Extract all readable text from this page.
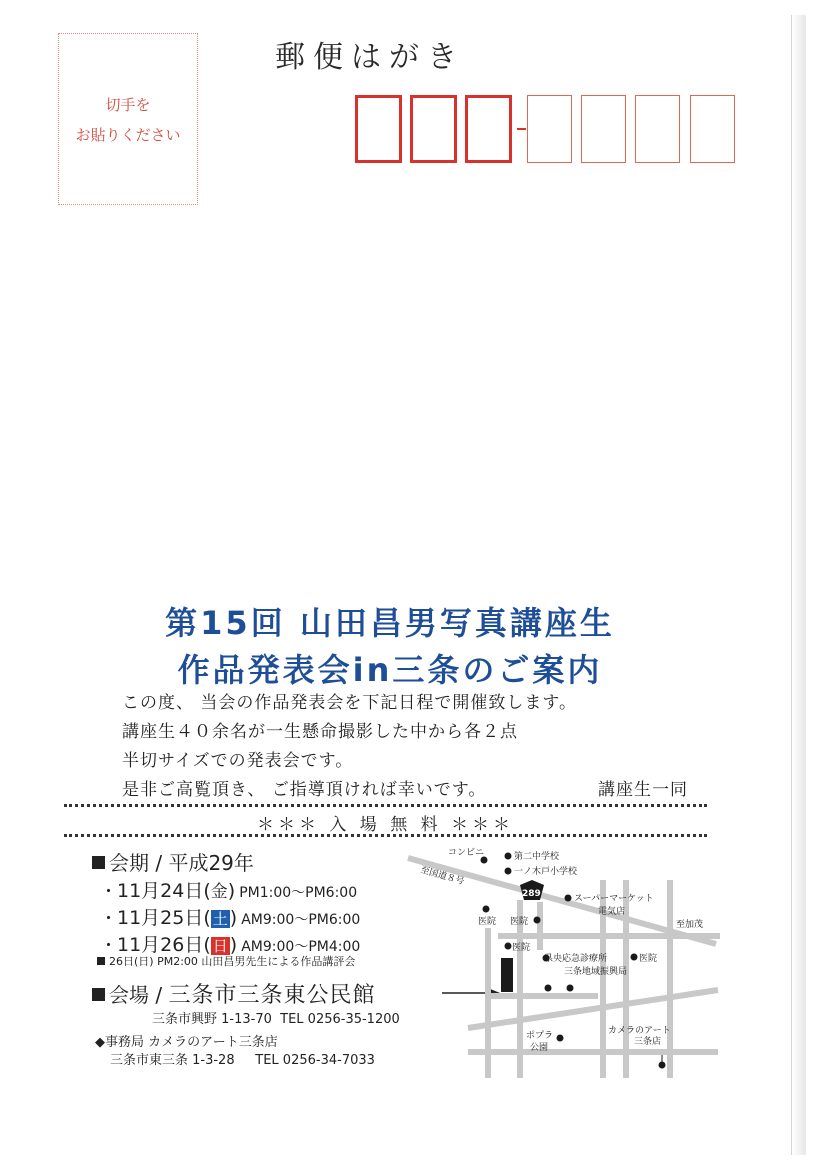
切手を
お貼りください
郵便はがき
第15回 山田昌男写真講座生
作品発表会in三条のご案内
この度、 当会の作品発表会を下記日程で開催致します。
講座生４０余名が一生懸命撮影した中から各２点
半切サイズでの発表会です。
是非ご高覧頂き、 ご指導頂ければ幸いです。	講座生一同
＊＊＊ 入 場 無 料 ＊＊＊
会期 / 平成29年
・11月24日(金) PM1:00～PM6:00
・11月25日( 土 ) AM9:00～PM6:00
・11月26日( 日 ) AM9:00～PM4:00
26日(日) PM2:00 山田昌男先生による作品講評会
会場 / 三条市三条東公民館
三条市興野 1-13-70 TEL 0256-35-1200
◆事務局 カメラのアート三条店
三条市東三条 1-3-28 TEL 0256-34-7033
289
コンビニ	第二中学校
一ノ木戸小学校
至国道８号
スーパーマーケット
電気店
至加茂
医院 医院
医院
医院
県央応急診療所
三条地域振興局
ポプラ
公園
カメラのアート
三条店
